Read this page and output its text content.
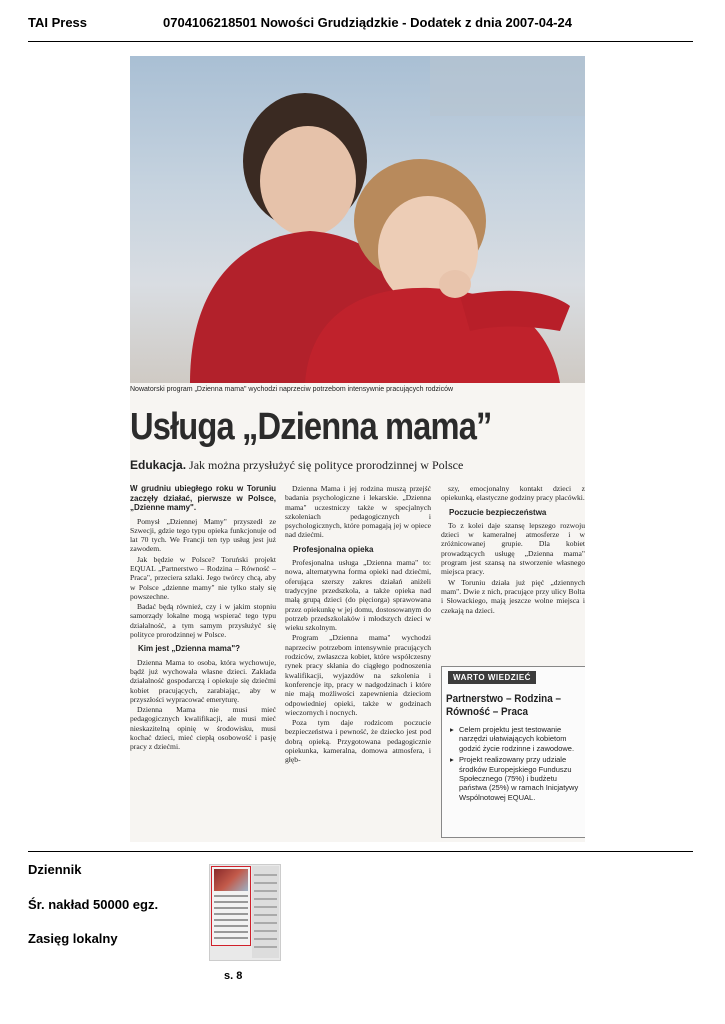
TAI Press	0704106218501 Nowości Grudziądzkie - Dodatek z dnia 2007-04-24
Nowatorski program „Dzienna mama" wychodzi naprzeciw potrzebom intensywnie pracujących rodziców
Usługa „Dzienna mama”
Edukacja. Jak można przysłużyć się polityce prorodzinnej w Polsce

W grudniu ubiegłego roku w Toruniu zaczęły działać, pierwsze w Polsce, „Dzienne mamy".

Pomysł „Dziennej Mamy" przyszedł ze Szwecji, gdzie tego typu opieka funkcjonuje od lat 70 tych. We Francji ten typ usług jest już zawodem.

Jak będzie w Polsce? Toruński projekt EQUAL „Partnerstwo – Rodzina – Równość – Praca", przeciera szlaki. Jego twórcy chcą, aby w Polsce „dzienne mamy" nie tylko stały się powszechne.

Badać będą również, czy i w jakim stopniu samorządy lokalne mogą wspierać tego typu działalność, a tym samym przysłużyć się polityce prorodzinnej w Polsce.

Kim jest „Dzienna mama"?

Dzienna Mama to osoba, która wychowuje, bądź już wychowała własne dzieci. Zakłada działalność gospodarczą i opiekuje się dziećmi kobiet pracujących, zarabiając, aby w przyszłości wypracować emeryturę.

Dzienna Mama nie musi mieć pedagogicznych kwalifikacji, ale musi mieć nieskazitelną opinię w środowisku, musi kochać dzieci, mieć ciepłą osobowość i pasję pracy z dziećmi.

Dzienna Mama i jej rodzina muszą przejść badania psychologiczne i lekarskie. „Dzienna mama" uczestniczy także w specjalnych szkoleniach pedagogicznych i psychologicznych, które pomagają jej w opiece nad dziećmi.

Profesjonalna opieka

Profesjonalna usługa „Dzienna mama" to: nowa, alternatywna forma opieki nad dziećmi, oferująca szerszy zakres działań aniżeli tradycyjne przedszkola, a także opieka nad małą grupą dzieci (do pięciorga) sprawowana przez opiekunkę w jej domu, dostosowanym do potrzeb przedszkolaków i młodszych dzieci w wieku szkolnym.

Program „Dzienna mama" wychodzi naprzeciw potrzebom intensywnie pracujących rodziców, zwłaszcza kobiet, które współczesny rynek pracy skłania do ciągłego podnoszenia kwalifikacji, wyjazdów na szkolenia i konferencje itp, pracy w nadgodzinach i które nie mają możliwości zapewnienia dzieciom odpowiedniej opieki, także w godzinach wieczornych i nocnych.

Poza tym daje rodzicom poczucie bezpieczeństwa i pewność, że dziecko jest pod dobrą opieką. Przygotowana pedagogicznie opiekunka, kameralna, domowa atmosfera, i głęb-

szy, emocjonalny kontakt dzieci z opiekunką, elastyczne godziny pracy placówki.

Poczucie bezpieczeństwa

To z kolei daje szansę lepszego rozwoju dzieci w kameralnej atmosferze i w zróżnicowanej grupie. Dla kobiet prowadzących usługę „Dzienna mama" program jest szansą na stworzenie własnego miejsca pracy.

W Toruniu działa już pięć „dziennych mam". Dwie z nich, pracujące przy ulicy Bolta i Słowackiego, mają jeszcze wolne miejsca i czekają na dzieci.

WARTO WIEDZIEĆ
Partnerstwo – Rodzina – Równość – Praca
▸ Celem projektu jest testowanie narzędzi ułatwiających kobietom godzić życie rodzinne i zawodowe.
▸ Projekt realizowany przy udziale środków Europejskiego Funduszu Społecznego (75%) i budżetu państwa (25%) w ramach Inicjatywy Wspólnotowej EQUAL.
Dziennik
Śr. nakład 50000 egz.
Zasięg lokalny
s. 8
